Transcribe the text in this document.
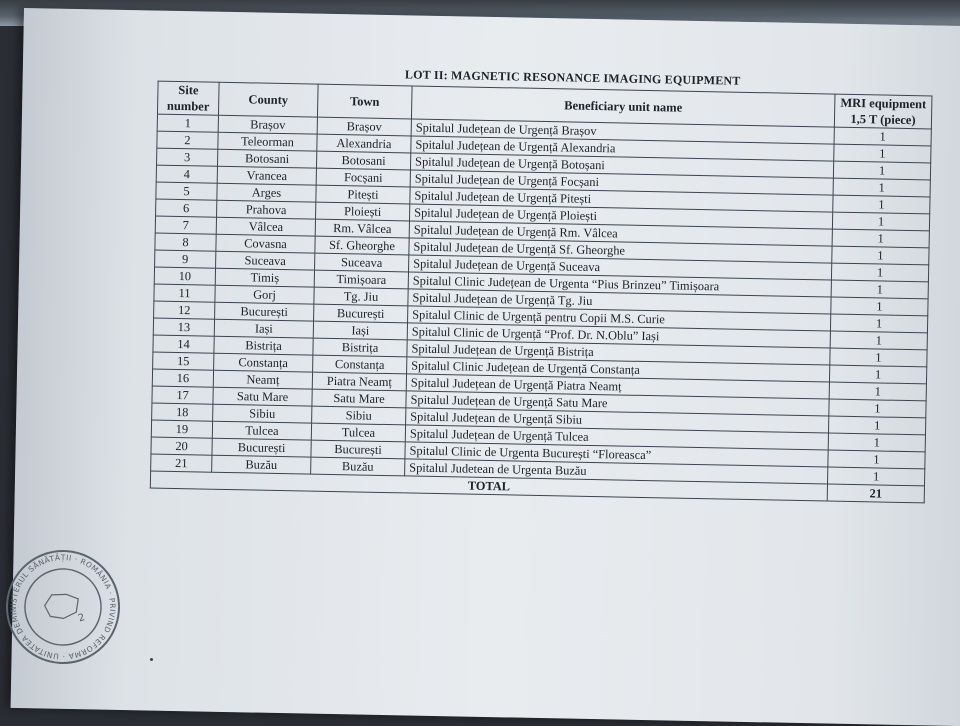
LOT II: MAGNETIC RESONANCE IMAGING EQUIPMENT
Site number	County	Town	Beneficiary unit name	MRI equipment 1,5 T (piece)
1	Brașov	Brașov	Spitalul Județean de Urgență Brașov	1
2	Teleorman	Alexandria	Spitalul Județean de Urgență Alexandria	1
3	Botosani	Botosani	Spitalul Județean de Urgență Botoșani	1
4	Vrancea	Focșani	Spitalul Județean de Urgență Focșani	1
5	Arges	Pitești	Spitalul Județean de Urgență Pitești	1
6	Prahova	Ploiești	Spitalul Județean de Urgență Ploiești	1
7	Vâlcea	Rm. Vâlcea	Spitalul Județean de Urgență Rm. Vâlcea	1
8	Covasna	Sf. Gheorghe	Spitalul Județean de Urgență Sf. Gheorghe	1
9	Suceava	Suceava	Spitalul Județean de Urgență Suceava	1
10	Timiș	Timișoara	Spitalul Clinic Județean de Urgenta “Pius Brinzeu” Timișoara	1
11	Gorj	Tg. Jiu	Spitalul Județean de Urgență Tg. Jiu	1
12	București	București	Spitalul Clinic de Urgență pentru Copii M.S. Curie	1
13	Iași	Iași	Spitalul Clinic de Urgență “Prof. Dr. N.Oblu” Iași	1
14	Bistrița	Bistrița	Spitalul Județean de Urgență Bistrița	1
15	Constanța	Constanța	Spitalul Clinic Județean de Urgență Constanța	1
16	Neamț	Piatra Neamț	Spitalul Județean de Urgență Piatra Neamț	1
17	Satu Mare	Satu Mare	Spitalul Județean de Urgență Satu Mare	1
18	Sibiu	Sibiu	Spitalul Județean de Urgență Sibiu	1
19	Tulcea	Tulcea	Spitalul Județean de Urgență Tulcea	1
20	București	București	Spitalul Clinic de Urgenta București “Floreasca”	1
21	Buzău	Buzău	Spitalul Judetean de Urgenta Buzău	1
TOTAL				21
MINISTERUL SĂNĂTĂȚII · ROMÂNIA · PRIVIND REFORMA · UNITATEA DE
2
